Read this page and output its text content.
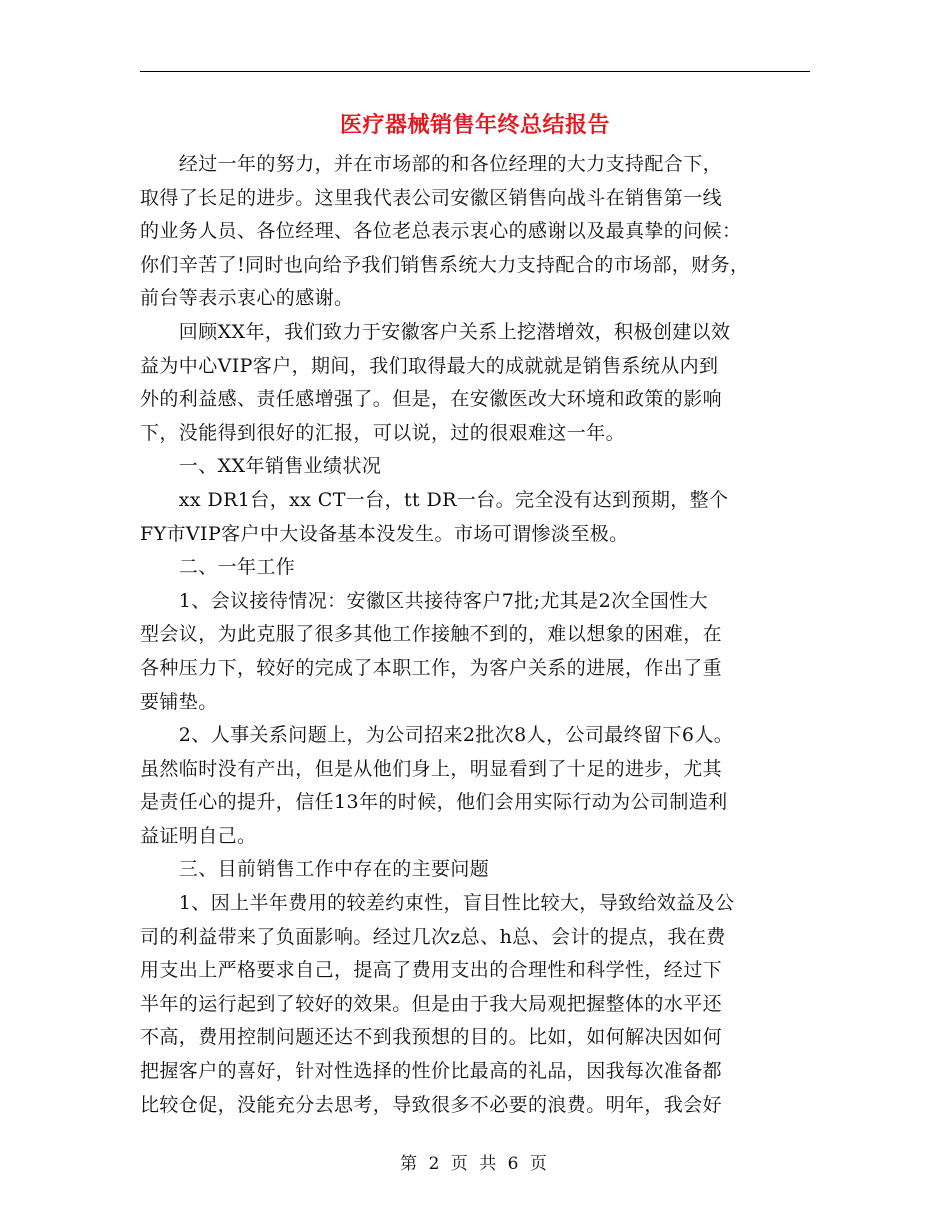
医疗器械销售年终总结报告
　　经过一年的努力，并在市场部的和各位经理的大力支持配合下，
取得了长足的进步。这里我代表公司安徽区销售向战斗在销售第一线
的业务人员、各位经理、各位老总表示衷心的感谢以及最真挚的问候：
你们辛苦了!同时也向给予我们销售系统大力支持配合的市场部，财务，
前台等表示衷心的感谢。
　　回顾XX年，我们致力于安徽客户关系上挖潜增效，积极创建以效
益为中心VIP客户，期间，我们取得最大的成就就是销售系统从内到
外的利益感、责任感增强了。但是，在安徽医改大环境和政策的影响
下，没能得到很好的汇报，可以说，过的很艰难这一年。
　　一、XX年销售业绩状况
　　xx DR1台，xx CT一台，tt DR一台。完全没有达到预期，整个
FY市VIP客户中大设备基本没发生。市场可谓惨淡至极。
　　二、一年工作
　　1、会议接待情况：安徽区共接待客户7批;尤其是2次全国性大
型会议，为此克服了很多其他工作接触不到的，难以想象的困难，在
各种压力下，较好的完成了本职工作，为客户关系的进展，作出了重
要铺垫。
　　2、人事关系问题上，为公司招来2批次8人，公司最终留下6人。
虽然临时没有产出，但是从他们身上，明显看到了十足的进步，尤其
是责任心的提升，信任13年的时候，他们会用实际行动为公司制造利
益证明自己。
　　三、目前销售工作中存在的主要问题
　　1、因上半年费用的较差约束性，盲目性比较大，导致给效益及公
司的利益带来了负面影响。经过几次z总、h总、会计的提点，我在费
用支出上严格要求自己，提高了费用支出的合理性和科学性，经过下
半年的运行起到了较好的效果。但是由于我大局观把握整体的水平还
不高，费用控制问题还达不到我预想的目的。比如，如何解决因如何
把握客户的喜好，针对性选择的性价比最高的礼品，因我每次准备都
比较仓促，没能充分去思考，导致很多不必要的浪费。明年，我会好
第 2 页 共 6 页
